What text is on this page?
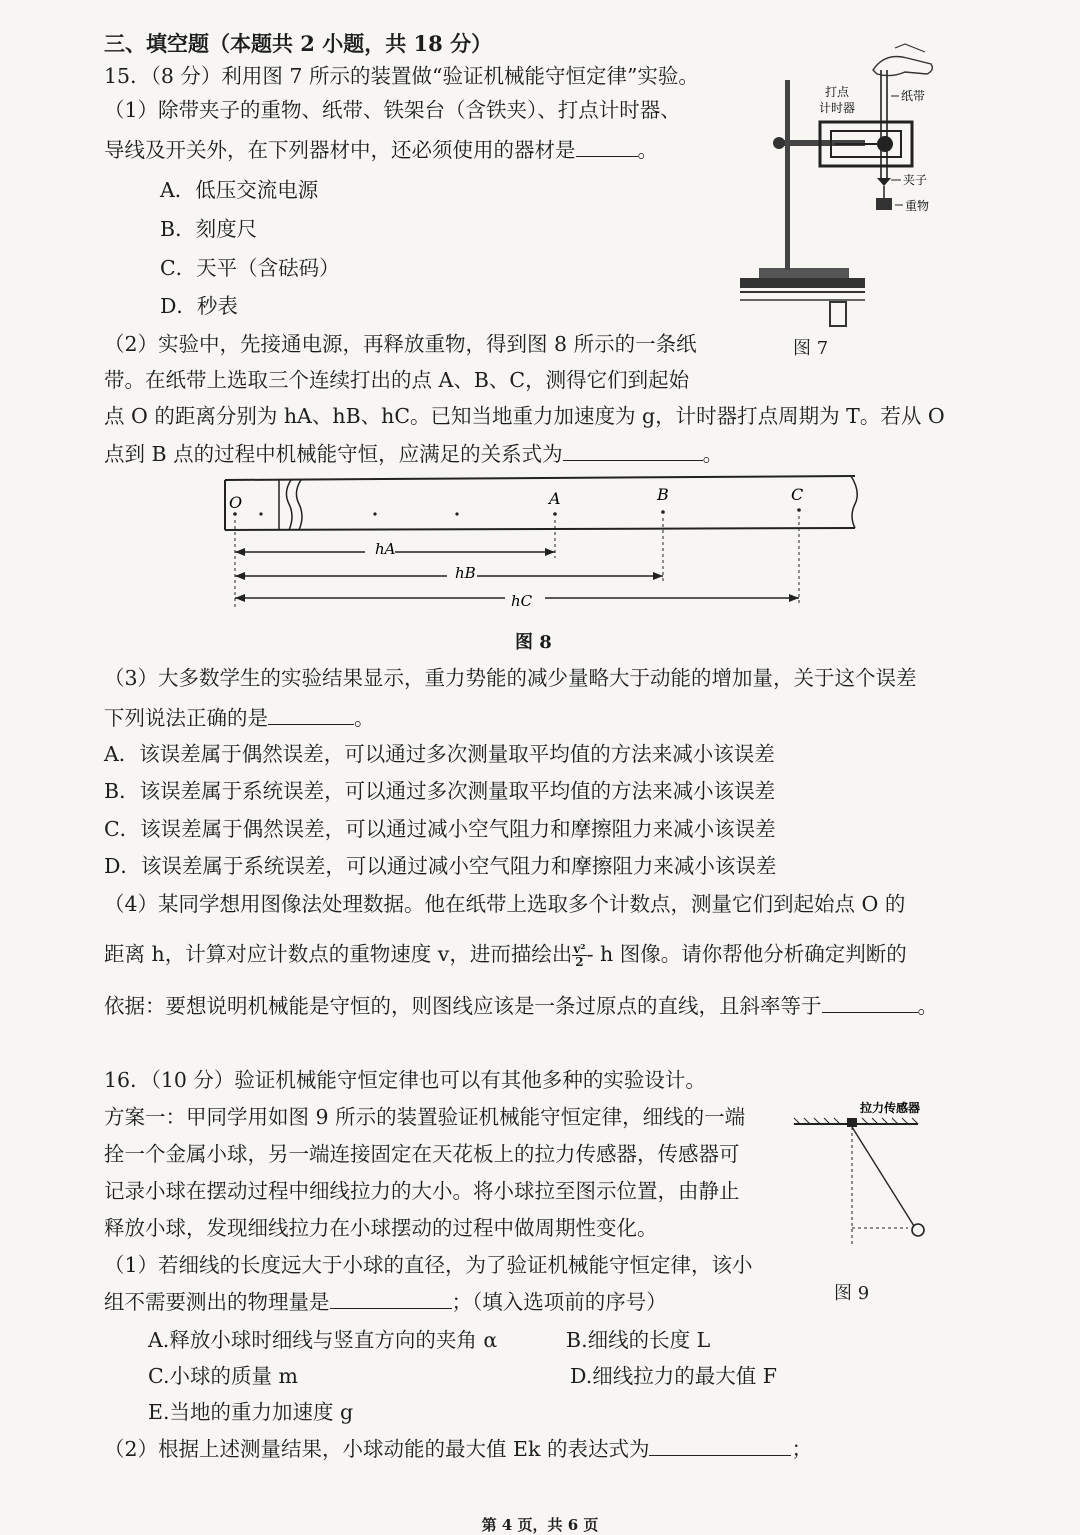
三、填空题（本题共 2 小题，共 18 分）
15．（8 分）利用图 7 所示的装置做“验证机械能守恒定律”实验。
（1）除带夹子的重物、纸带、铁架台（含铁夹）、打点计时器、
导线及开关外，在下列器材中，还必须使用的器材是	。
A．低压交流电源
B．刻度尺
C．天平（含砝码）
D．秒表
（2）实验中，先接通电源，再释放重物，得到图 8 所示的一条纸
带。在纸带上选取三个连续打出的点 A、B、C，测得它们到起始
点 O 的距离分别为 hA、hB、hC。已知当地重力加速度为 g，计时器打点周期为 T。若从 O
点到 B 点的过程中机械能守恒，应满足的关系式为	。
打点
计时器
纸带
夹子
重物
图 7
O	A	B	C
hA
hB
hC
图 8
（3）大多数学生的实验结果显示，重力势能的减少量略大于动能的增加量，关于这个误差
下列说法正确的是	。
A．该误差属于偶然误差，可以通过多次测量取平均值的方法来减小该误差
B．该误差属于系统误差，可以通过多次测量取平均值的方法来减小该误差
C．该误差属于偶然误差，可以通过减小空气阻力和摩擦阻力来减小该误差
D．该误差属于系统误差，可以通过减小空气阻力和摩擦阻力来减小该误差
（4）某同学想用图像法处理数据。他在纸带上选取多个计数点，测量它们到起始点 O 的
距离 h，计算对应计数点的重物速度 v，进而描绘出 $\frac{\text{v²}}{2}$ - h 图像。请你帮他分析确定判断的
依据：要想说明机械能是守恒的，则图线应该是一条过原点的直线，且斜率等于	。
16．（10 分）验证机械能守恒定律也可以有其他多种的实验设计。
方案一：甲同学用如图 9 所示的装置验证机械能守恒定律，细线的一端
拴一个金属小球，另一端连接固定在天花板上的拉力传感器，传感器可
记录小球在摆动过程中细线拉力的大小。将小球拉至图示位置，由静止
释放小球，发现细线拉力在小球摆动的过程中做周期性变化。
拉力传感器
图 9
（1）若细线的长度远大于小球的直径，为了验证机械能守恒定律，该小
组不需要测出的物理量是	；（填入选项前的序号）
A.释放小球时细线与竖直方向的夹角 α	B.细线的长度 L
C.小球的质量 m	D.细线拉力的最大值 F
E.当地的重力加速度 g
（2）根据上述测量结果，小球动能的最大值 Ek 的表达式为	；
第 4 页，共 6 页
